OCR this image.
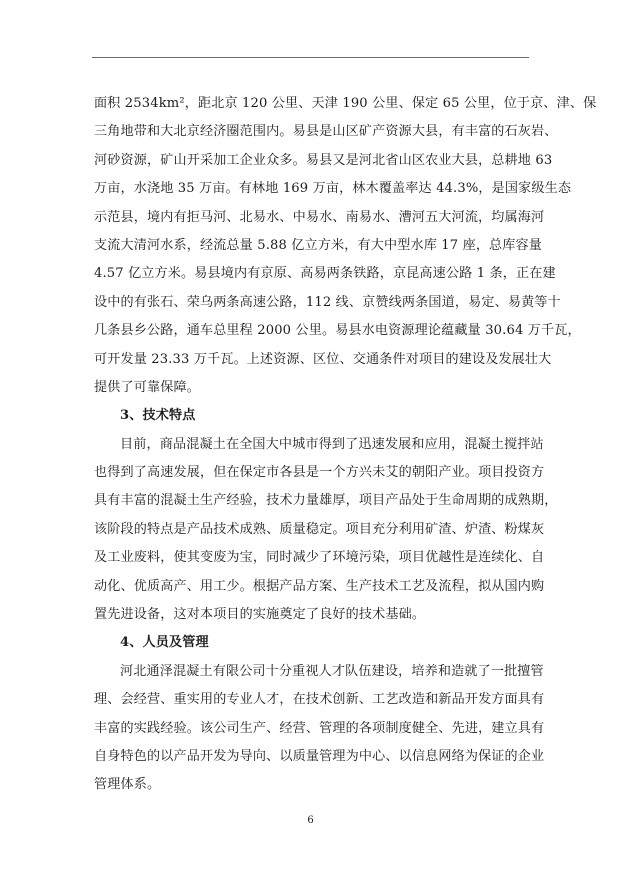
面积 2534km²，距北京 120 公里、天津 190 公里、保定 65 公里，位于京、津、保
三角地带和大北京经济圈范围内。易县是山区矿产资源大县，有丰富的石灰岩、
河砂资源，矿山开采加工企业众多。易县又是河北省山区农业大县，总耕地 63
万亩，水浇地 35 万亩。有林地 169 万亩，林木覆盖率达 44.3%，是国家级生态
示范县，境内有拒马河、北易水、中易水、南易水、漕河五大河流，均属海河
支流大清河水系，经流总量 5.88 亿立方米，有大中型水库 17 座，总库容量
4.57 亿立方米。易县境内有京原、高易两条铁路，京昆高速公路 1 条，正在建
设中的有张石、荣乌两条高速公路，112 线、京赞线两条国道，易定、易黄等十
几条县乡公路，通车总里程 2000 公里。易县水电资源理论蕴藏量 30.64 万千瓦，
可开发量 23.33 万千瓦。上述资源、区位、交通条件对项目的建设及发展壮大
提供了可靠保障。
3、技术特点
目前，商品混凝土在全国大中城市得到了迅速发展和应用，混凝土搅拌站
也得到了高速发展，但在保定市各县是一个方兴未艾的朝阳产业。项目投资方
具有丰富的混凝土生产经验，技术力量雄厚，项目产品处于生命周期的成熟期，
该阶段的特点是产品技术成熟、质量稳定。项目充分利用矿渣、炉渣、粉煤灰
及工业废料，使其变废为宝，同时减少了环境污染，项目优越性是连续化、自
动化、优质高产、用工少。根据产品方案、生产技术工艺及流程，拟从国内购
置先进设备，这对本项目的实施奠定了良好的技术基础。
4、人员及管理
河北通泽混凝土有限公司十分重视人才队伍建设，培养和造就了一批擅管
理、会经营、重实用的专业人才，在技术创新、工艺改造和新品开发方面具有
丰富的实践经验。该公司生产、经营、管理的各项制度健全、先进，建立具有
自身特色的以产品开发为导向、以质量管理为中心、以信息网络为保证的企业
管理体系。
6
